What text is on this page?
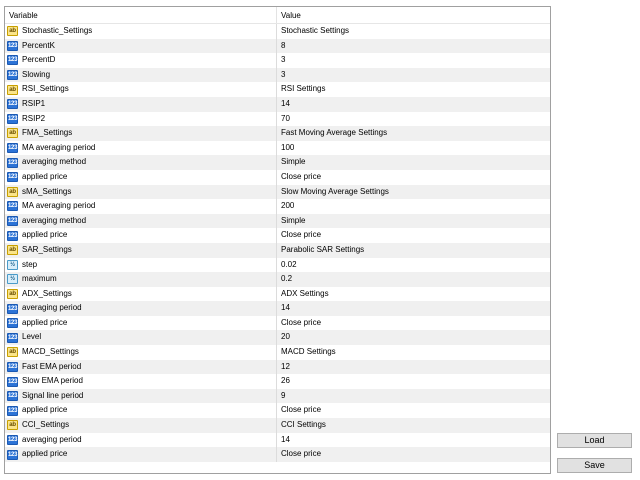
Variable	Value
ab Stochastic_Settings	Stochastic Settings
123 PercentK	8
123 PercentD	3
123 Slowing	3
ab RSI_Settings	RSI Settings
123 RSIP1	14
123 RSIP2	70
ab FMA_Settings	Fast Moving Average Settings
123 MA averaging period	100
123 averaging method	Simple
123 applied price	Close price
ab sMA_Settings	Slow Moving Average Settings
123 MA averaging period	200
123 averaging method	Simple
123 applied price	Close price
ab SAR_Settings	Parabolic SAR Settings
½ step	0.02
½ maximum	0.2
ab ADX_Settings	ADX Settings
123 averaging period	14
123 applied price	Close price
123 Level	20
ab MACD_Settings	MACD Settings
123 Fast EMA period	12
123 Slow EMA period	26
123 Signal line period	9
123 applied price	Close price
ab CCI_Settings	CCI Settings
123 averaging period	14
123 applied price	Close price
Load
Save
